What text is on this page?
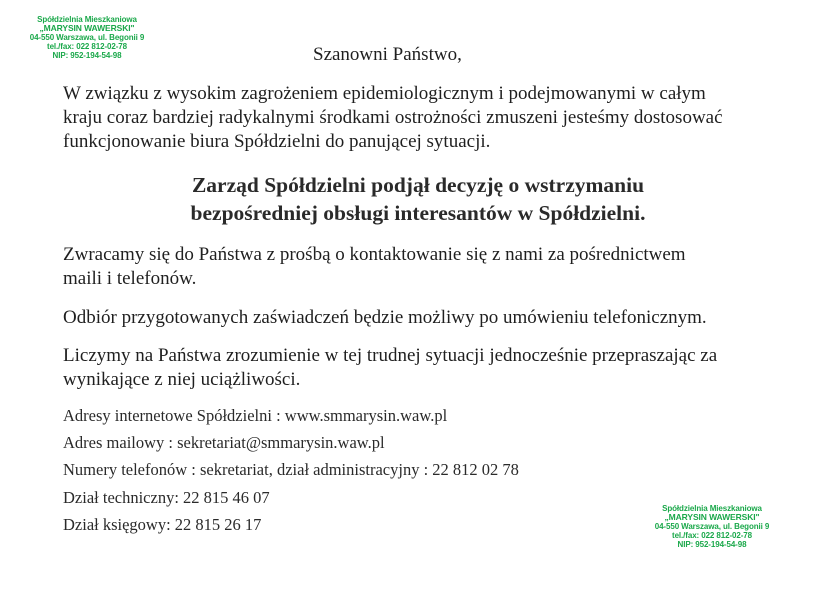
Spółdzielnia Mieszkaniowa
„MARYSIN WAWERSKI"
04-550 Warszawa, ul. Begonii 9
tel./fax: 022 812-02-78
NIP: 952-194-54-98	Szanowni Państwo,

W związku z wysokim zagrożeniem epidemiologicznym i podejmowanymi w całym
kraju coraz bardziej radykalnymi środkami ostrożności zmuszeni jesteśmy dostosować
funkcjonowanie biura Spółdzielni do panującej sytuacji.

Zarząd Spółdzielni podjął decyzję o wstrzymaniu
bezpośredniej obsługi interesantów w Spółdzielni.

Zwracamy się do Państwa z prośbą o kontaktowanie się z nami za pośrednictwem
maili i telefonów.

Odbiór przygotowanych zaświadczeń będzie możliwy po umówieniu telefonicznym.

Liczymy na Państwa zrozumienie w tej trudnej sytuacji jednocześnie przepraszając za
wynikające z niej uciążliwości.

Adresy internetowe Spółdzielni : www.smmarysin.waw.pl

Adres mailowy : sekretariat@smmarysin.waw.pl

Numery telefonów : sekretariat, dział administracyjny : 22 812 02 78

Dział techniczny: 22 815 46 07

Dział księgowy: 22 815 26 17

Spółdzielnia Mieszkaniowa
„MARYSIN WAWERSKI"
04-550 Warszawa, ul. Begonii 9
tel./fax: 022 812-02-78
NIP: 952-194-54-98
